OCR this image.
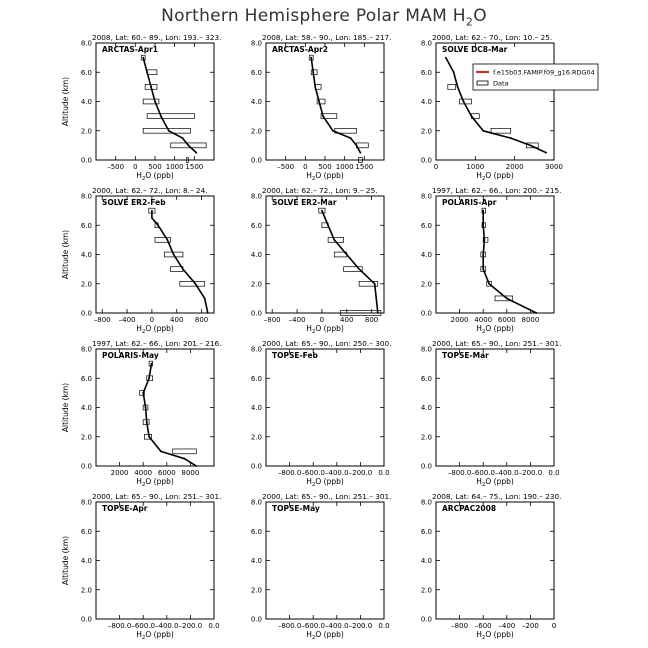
Northern Hemisphere Polar MAM $H_2O$
2008, Lat: 60.– 89., Lon: 193.– 323.
ARCTAS-Apr1
0.0
2.0
4.0
6.0
8.0
–500 0 500 1000 1500
$H_2O$ (ppb)
Altitude (km)
2008, Lat: 58.– 90., Lon: 185.– 217.
ARCTAS-Apr2
0.0
2.0
4.0
6.0
8.0
–500 0 500 1000 1500
$H_2O$ (ppb)
2000, Lat: 62.– 70., Lon: 10.– 25.
SOLVE DC8-Mar
0.0
2.0
4.0
6.0
8.0
0	1000	2000	3000
$H_2O$ (ppb)
f.e15b03.FAMIP.f09_g16.RDG04
Data
2000, Lat: 62.– 72., Lon: 8.– 24.
SOLVE ER2-Feb
0.0
2.0
4.0
6.0
8.0
–800 –400 0 400 800
$H_2O$ (ppb)
Altitude (km)
2000, Lat: 62.– 72., Lon: 9.– 25.
SOLVE ER2-Mar
0.0
2.0
4.0
6.0
8.0
–800 –400 0 400 800
$H_2O$ (ppb)
1997, Lat: 62.– 66., Lon: 200.– 215.
POLARIS-Apr
0.0
2.0
4.0
6.0
8.0
2000 4000 6000 8000
$H_2O$ (ppb)
1997, Lat: 62.– 66., Lon: 201.– 216.
POLARIS-May
0.0
2.0
4.0
6.0
8.0
2000 4000 6000 8000
$H_2O$ (ppb)
Altitude (km)
2000, Lat: 65.– 90., Lon: 250.– 300.
TOPSE-Feb
0.0
2.0
4.0
6.0
8.0
–800.0 –600.0 –400.0 –200.0 0.0
$H_2O$ (ppb)
2000, Lat: 65.– 90., Lon: 251.– 301.
TOPSE-Mar
0.0
2.0
4.0
6.0
8.0
–800.0 –600.0 –400.0 –200.0 0.0
$H_2O$ (ppb)
2000, Lat: 65.– 90., Lon: 251.– 301.
TOPSE-Apr
0.0
2.0
4.0
6.0
8.0
–800.0 –600.0 –400.0 –200.0 0.0
$H_2O$ (ppb)
Altitude (km)
2000, Lat: 65.– 90., Lon: 251.– 301.
TOPSE-May
0.0
2.0
4.0
6.0
8.0
–800.0 –600.0 –400.0 –200.0 0.0
$H_2O$ (ppb)
2008, Lat: 64.– 75., Lon: 190.– 230.
ARCPAC2008
0.0
2.0
4.0
6.0
8.0
–800 –600 –400 –200 0
$H_2O$ (ppb)
